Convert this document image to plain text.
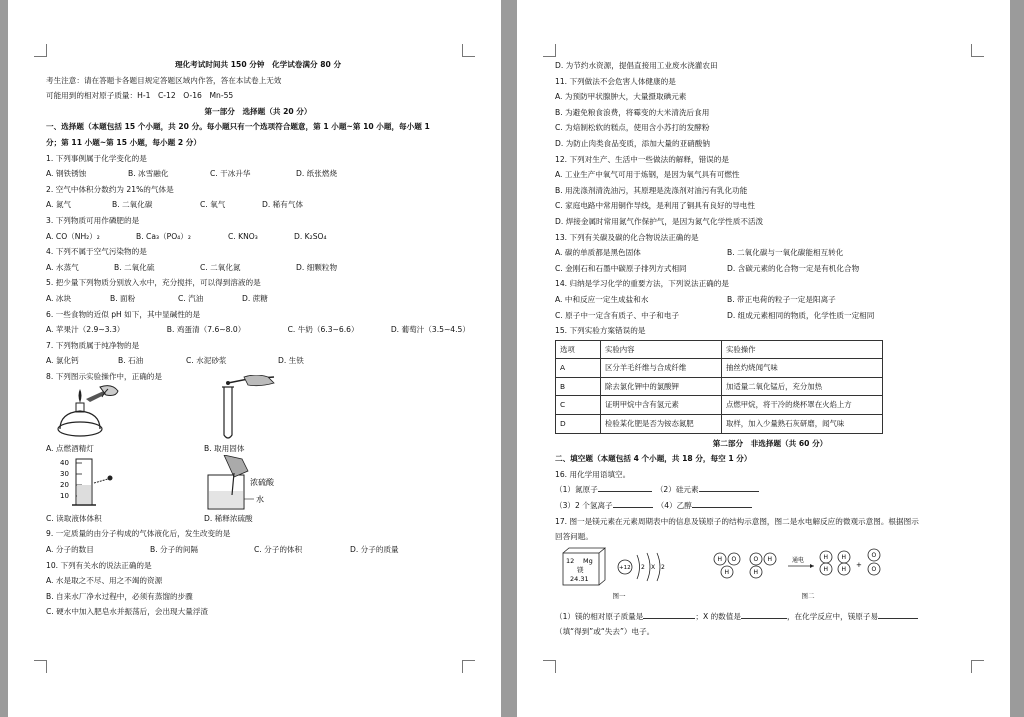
理化考试时间共 150 分钟　化学试卷满分 80 分
考生注意：请在答题卡各题目规定答题区域内作答，答在本试卷上无效
可能用到的相对原子质量：H-1　C-12　O-16　Mn-55
第一部分　选择题（共 20 分）
一、选择题（本题包括 15 个小题，共 20 分。每小题只有一个选项符合题意，第 1 小题~第 10 小题，每小题 1
分；第 11 小题~第 15 小题，每小题 2 分）
1. 下列事例属于化学变化的是
A. 钢铁锈蚀	B. 冰雪融化	C. 干冰升华	D. 纸张燃烧
2. 空气中体积分数约为 21%的气体是
A. 氮气	B. 二氧化碳	C. 氧气	D. 稀有气体
3. 下列物质可用作磷肥的是
A. CO（NH₂）₂	B. Ca₃（PO₄）₂	C. KNO₃	D. K₂SO₄
4. 下列不属于空气污染物的是
A. 水蒸气	B. 二氧化硫	C. 二氧化氮	D. 细颗粒物
5. 把少量下列物质分别放入水中，充分搅拌，可以得到溶液的是
A. 冰块	B. 面粉	C. 汽油	D. 蔗糖
6. 一些食物的近似 pH 如下，其中显碱性的是
A. 苹果汁（2.9~3.3）	B. 鸡蛋清（7.6~8.0）	C. 牛奶（6.3~6.6）	D. 葡萄汁（3.5~4.5）
7. 下列物质属于纯净物的是
A. 氯化钙	B. 石油	C. 水泥砂浆	D. 生铁
8. 下列图示实验操作中，正确的是
A. 点燃酒精灯	B. 取用固体
40
30
20
10
C. 读取液体体积
浓硫酸
水
D. 稀释浓硫酸
9. 一定质量的由分子构成的气体液化后，发生改变的是
A. 分子的数目	B. 分子的间隔	C. 分子的体积	D. 分子的质量
10. 下列有关水的说法正确的是
A. 水是取之不尽、用之不竭的资源
B. 自来水厂净水过程中，必须有蒸馏的步骤
C. 硬水中加入肥皂水并振荡后，会出现大量浮渣
D. 为节约水资源，提倡直接用工业废水浇灌农田
11. 下列做法不会危害人体健康的是
A. 为预防甲状腺肿大，大量摄取碘元素
B. 为避免粮食浪费，将霉变的大米清洗后食用
C. 为焙制松软的糕点，使用含小苏打的发酵粉
D. 为防止肉类食品变质，添加大量的亚硝酸钠
12. 下列对生产、生活中一些做法的解释，错误的是
A. 工业生产中氧气可用于炼钢，是因为氧气具有可燃性
B. 用洗涤剂清洗油污，其原理是洗涤剂对油污有乳化功能
C. 家庭电路中常用铜作导线，是利用了铜具有良好的导电性
D. 焊接金属时常用氮气作保护气，是因为氮气化学性质不活泼
13. 下列有关碳及碳的化合物说法正确的是
A. 碳的单质都是黑色固体	B. 二氧化碳与一氧化碳能相互转化
C. 金刚石和石墨中碳原子排列方式相同	D. 含碳元素的化合物一定是有机化合物
14. 归纳是学习化学的重要方法，下列说法正确的是
A. 中和反应一定生成盐和水	B. 带正电荷的粒子一定是阳离子
C. 原子中一定含有质子、中子和电子	D. 组成元素相同的物质，化学性质一定相同
15. 下列实验方案错误的是
选项	实验内容	实验操作
A	区分羊毛纤维与合成纤维	抽丝灼烧闻气味
B	除去氯化钾中的氯酸钾	加适量二氧化锰后，充分加热
C	证明甲烷中含有氢元素	点燃甲烷，将干冷的烧杯罩在火焰上方
D	检验某化肥是否为铵态氮肥	取样，加入少量熟石灰研磨，闻气味
第二部分　非选择题（共 60 分）
二、填空题（本题包括 4 个小题，共 18 分，每空 1 分）
16. 用化学用语填空。
（1）氮原子	（2）硅元素
（3）2 个氢离子	（4）乙醇
17. 图一是镁元素在元素周期表中的信息及镁原子的结构示意图，图二是水电解反应的微观示意图。根据图示
回答问题。
12 Mg
镁
24.31
+12 2 X 2
图一
H O
H
O H
H
通电	H
H
H
H
+
O
O
图二
（1）镁的相对原子质量是	；X 的数值是	，在化学反应中，镁原子易
（填“得到”或“失去”）电子。
